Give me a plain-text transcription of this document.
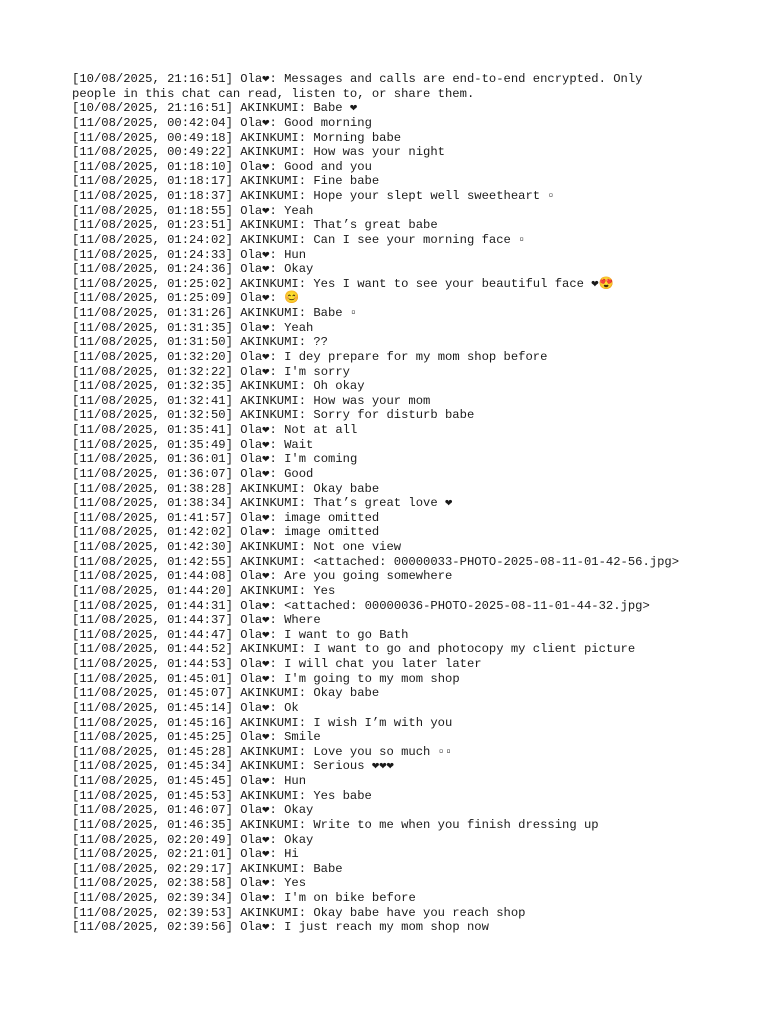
[10/08/2025, 21:16:51] Ola❤: Messages and calls are end-to-end encrypted. Only
people in this chat can read, listen to, or share them.
[10/08/2025, 21:16:51] AKINKUMI: Babe ❤
[11/08/2025, 00:42:04] Ola❤: Good morning
[11/08/2025, 00:49:18] AKINKUMI: Morning babe
[11/08/2025, 00:49:22] AKINKUMI: How was your night
[11/08/2025, 01:18:10] Ola❤: Good and you
[11/08/2025, 01:18:17] AKINKUMI: Fine babe
[11/08/2025, 01:18:37] AKINKUMI: Hope your slept well sweetheart ▫
[11/08/2025, 01:18:55] Ola❤: Yeah
[11/08/2025, 01:23:51] AKINKUMI: That’s great babe
[11/08/2025, 01:24:02] AKINKUMI: Can I see your morning face ▫
[11/08/2025, 01:24:33] Ola❤: Hun
[11/08/2025, 01:24:36] Ola❤: Okay
[11/08/2025, 01:25:02] AKINKUMI: Yes I want to see your beautiful face ❤😍
[11/08/2025, 01:25:09] Ola❤: 😊
[11/08/2025, 01:31:26] AKINKUMI: Babe ▫
[11/08/2025, 01:31:35] Ola❤: Yeah
[11/08/2025, 01:31:50] AKINKUMI: ??
[11/08/2025, 01:32:20] Ola❤: I dey prepare for my mom shop before
[11/08/2025, 01:32:22] Ola❤: I'm sorry
[11/08/2025, 01:32:35] AKINKUMI: Oh okay
[11/08/2025, 01:32:41] AKINKUMI: How was your mom
[11/08/2025, 01:32:50] AKINKUMI: Sorry for disturb babe
[11/08/2025, 01:35:41] Ola❤: Not at all
[11/08/2025, 01:35:49] Ola❤: Wait
[11/08/2025, 01:36:01] Ola❤: I'm coming
[11/08/2025, 01:36:07] Ola❤: Good
[11/08/2025, 01:38:28] AKINKUMI: Okay babe
[11/08/2025, 01:38:34] AKINKUMI: That’s great love ❤
[11/08/2025, 01:41:57] Ola❤: image omitted
[11/08/2025, 01:42:02] Ola❤: image omitted
[11/08/2025, 01:42:30] AKINKUMI: Not one view
[11/08/2025, 01:42:55] AKINKUMI: <attached: 00000033-PHOTO-2025-08-11-01-42-56.jpg>
[11/08/2025, 01:44:08] Ola❤: Are you going somewhere
[11/08/2025, 01:44:20] AKINKUMI: Yes
[11/08/2025, 01:44:31] Ola❤: <attached: 00000036-PHOTO-2025-08-11-01-44-32.jpg>
[11/08/2025, 01:44:37] Ola❤: Where
[11/08/2025, 01:44:47] Ola❤: I want to go Bath
[11/08/2025, 01:44:52] AKINKUMI: I want to go and photocopy my client picture
[11/08/2025, 01:44:53] Ola❤: I will chat you later later
[11/08/2025, 01:45:01] Ola❤: I'm going to my mom shop
[11/08/2025, 01:45:07] AKINKUMI: Okay babe
[11/08/2025, 01:45:14] Ola❤: Ok
[11/08/2025, 01:45:16] AKINKUMI: I wish I’m with you
[11/08/2025, 01:45:25] Ola❤: Smile
[11/08/2025, 01:45:28] AKINKUMI: Love you so much ▫▫
[11/08/2025, 01:45:34] AKINKUMI: Serious ❤❤❤
[11/08/2025, 01:45:45] Ola❤: Hun
[11/08/2025, 01:45:53] AKINKUMI: Yes babe
[11/08/2025, 01:46:07] Ola❤: Okay
[11/08/2025, 01:46:35] AKINKUMI: Write to me when you finish dressing up
[11/08/2025, 02:20:49] Ola❤: Okay
[11/08/2025, 02:21:01] Ola❤: Hi
[11/08/2025, 02:29:17] AKINKUMI: Babe
[11/08/2025, 02:38:58] Ola❤: Yes
[11/08/2025, 02:39:34] Ola❤: I'm on bike before
[11/08/2025, 02:39:53] AKINKUMI: Okay babe have you reach shop
[11/08/2025, 02:39:56] Ola❤: I just reach my mom shop now
